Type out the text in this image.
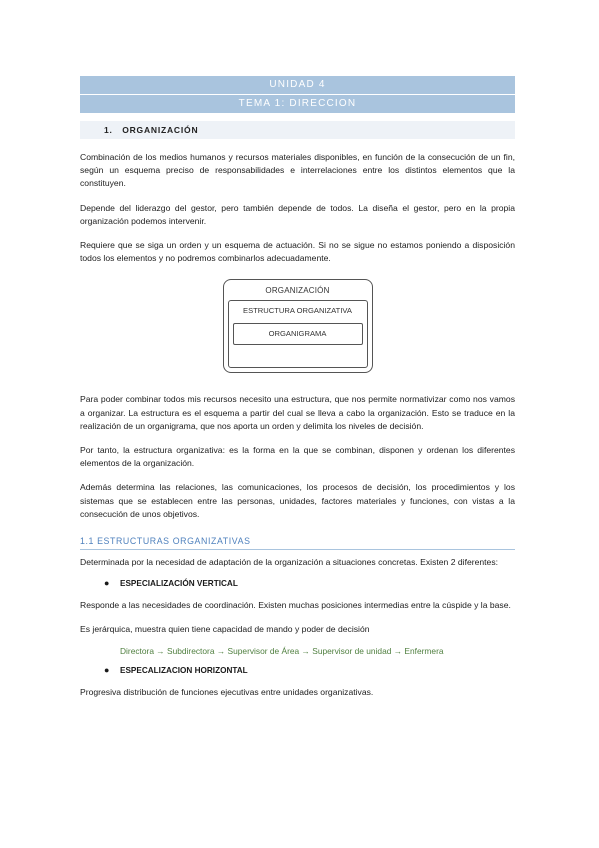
UNIDAD 4
TEMA 1: DIRECCION
1. ORGANIZACIÓN

Combinación de los medios humanos y recursos materiales disponibles, en función de la consecución de un fin, según un esquema preciso de responsabilidades e interrelaciones entre los distintos elementos que la constituyen.

Depende del liderazgo del gestor, pero también depende de todos. La diseña el gestor, pero en la propia organización podemos intervenir.

Requiere que se siga un orden y un esquema de actuación. Si no se sigue no estamos poniendo a disposición todos los elementos y no podremos combinarlos adecuadamente.

ORGANIZACIÓN
ESTRUCTURA ORGANIZATIVA
ORGANIGRAMA

Para poder combinar todos mis recursos necesito una estructura, que nos permite normativizar como nos vamos a organizar. La estructura es el esquema a partir del cual se lleva a cabo la organización. Esto se traduce en la realización de un organigrama, que nos aporta un orden y delimita los niveles de decisión.

Por tanto, la estructura organizativa: es la forma en la que se combinan, disponen y ordenan los diferentes elementos de la organización.

Además determina las relaciones, las comunicaciones, los procesos de decisión, los procedimientos y los sistemas que se establecen entre las personas, unidades, factores materiales y funciones, con vistas a la consecución de unos objetivos.

1.1 ESTRUCTURAS ORGANIZATIVAS

Determinada por la necesidad de adaptación de la organización a situaciones concretas. Existen 2 diferentes:

● ESPECIALIZACIÓN VERTICAL

Responde a las necesidades de coordinación. Existen muchas posiciones intermedias entre la cúspide y la base.

Es jerárquica, muestra quien tiene capacidad de mando y poder de decisión

Directora → Subdirectora → Supervisor de Área → Supervisor de unidad → Enfermera
● ESPECALIZACION HORIZONTAL

Progresiva distribución de funciones ejecutivas entre unidades organizativas.
